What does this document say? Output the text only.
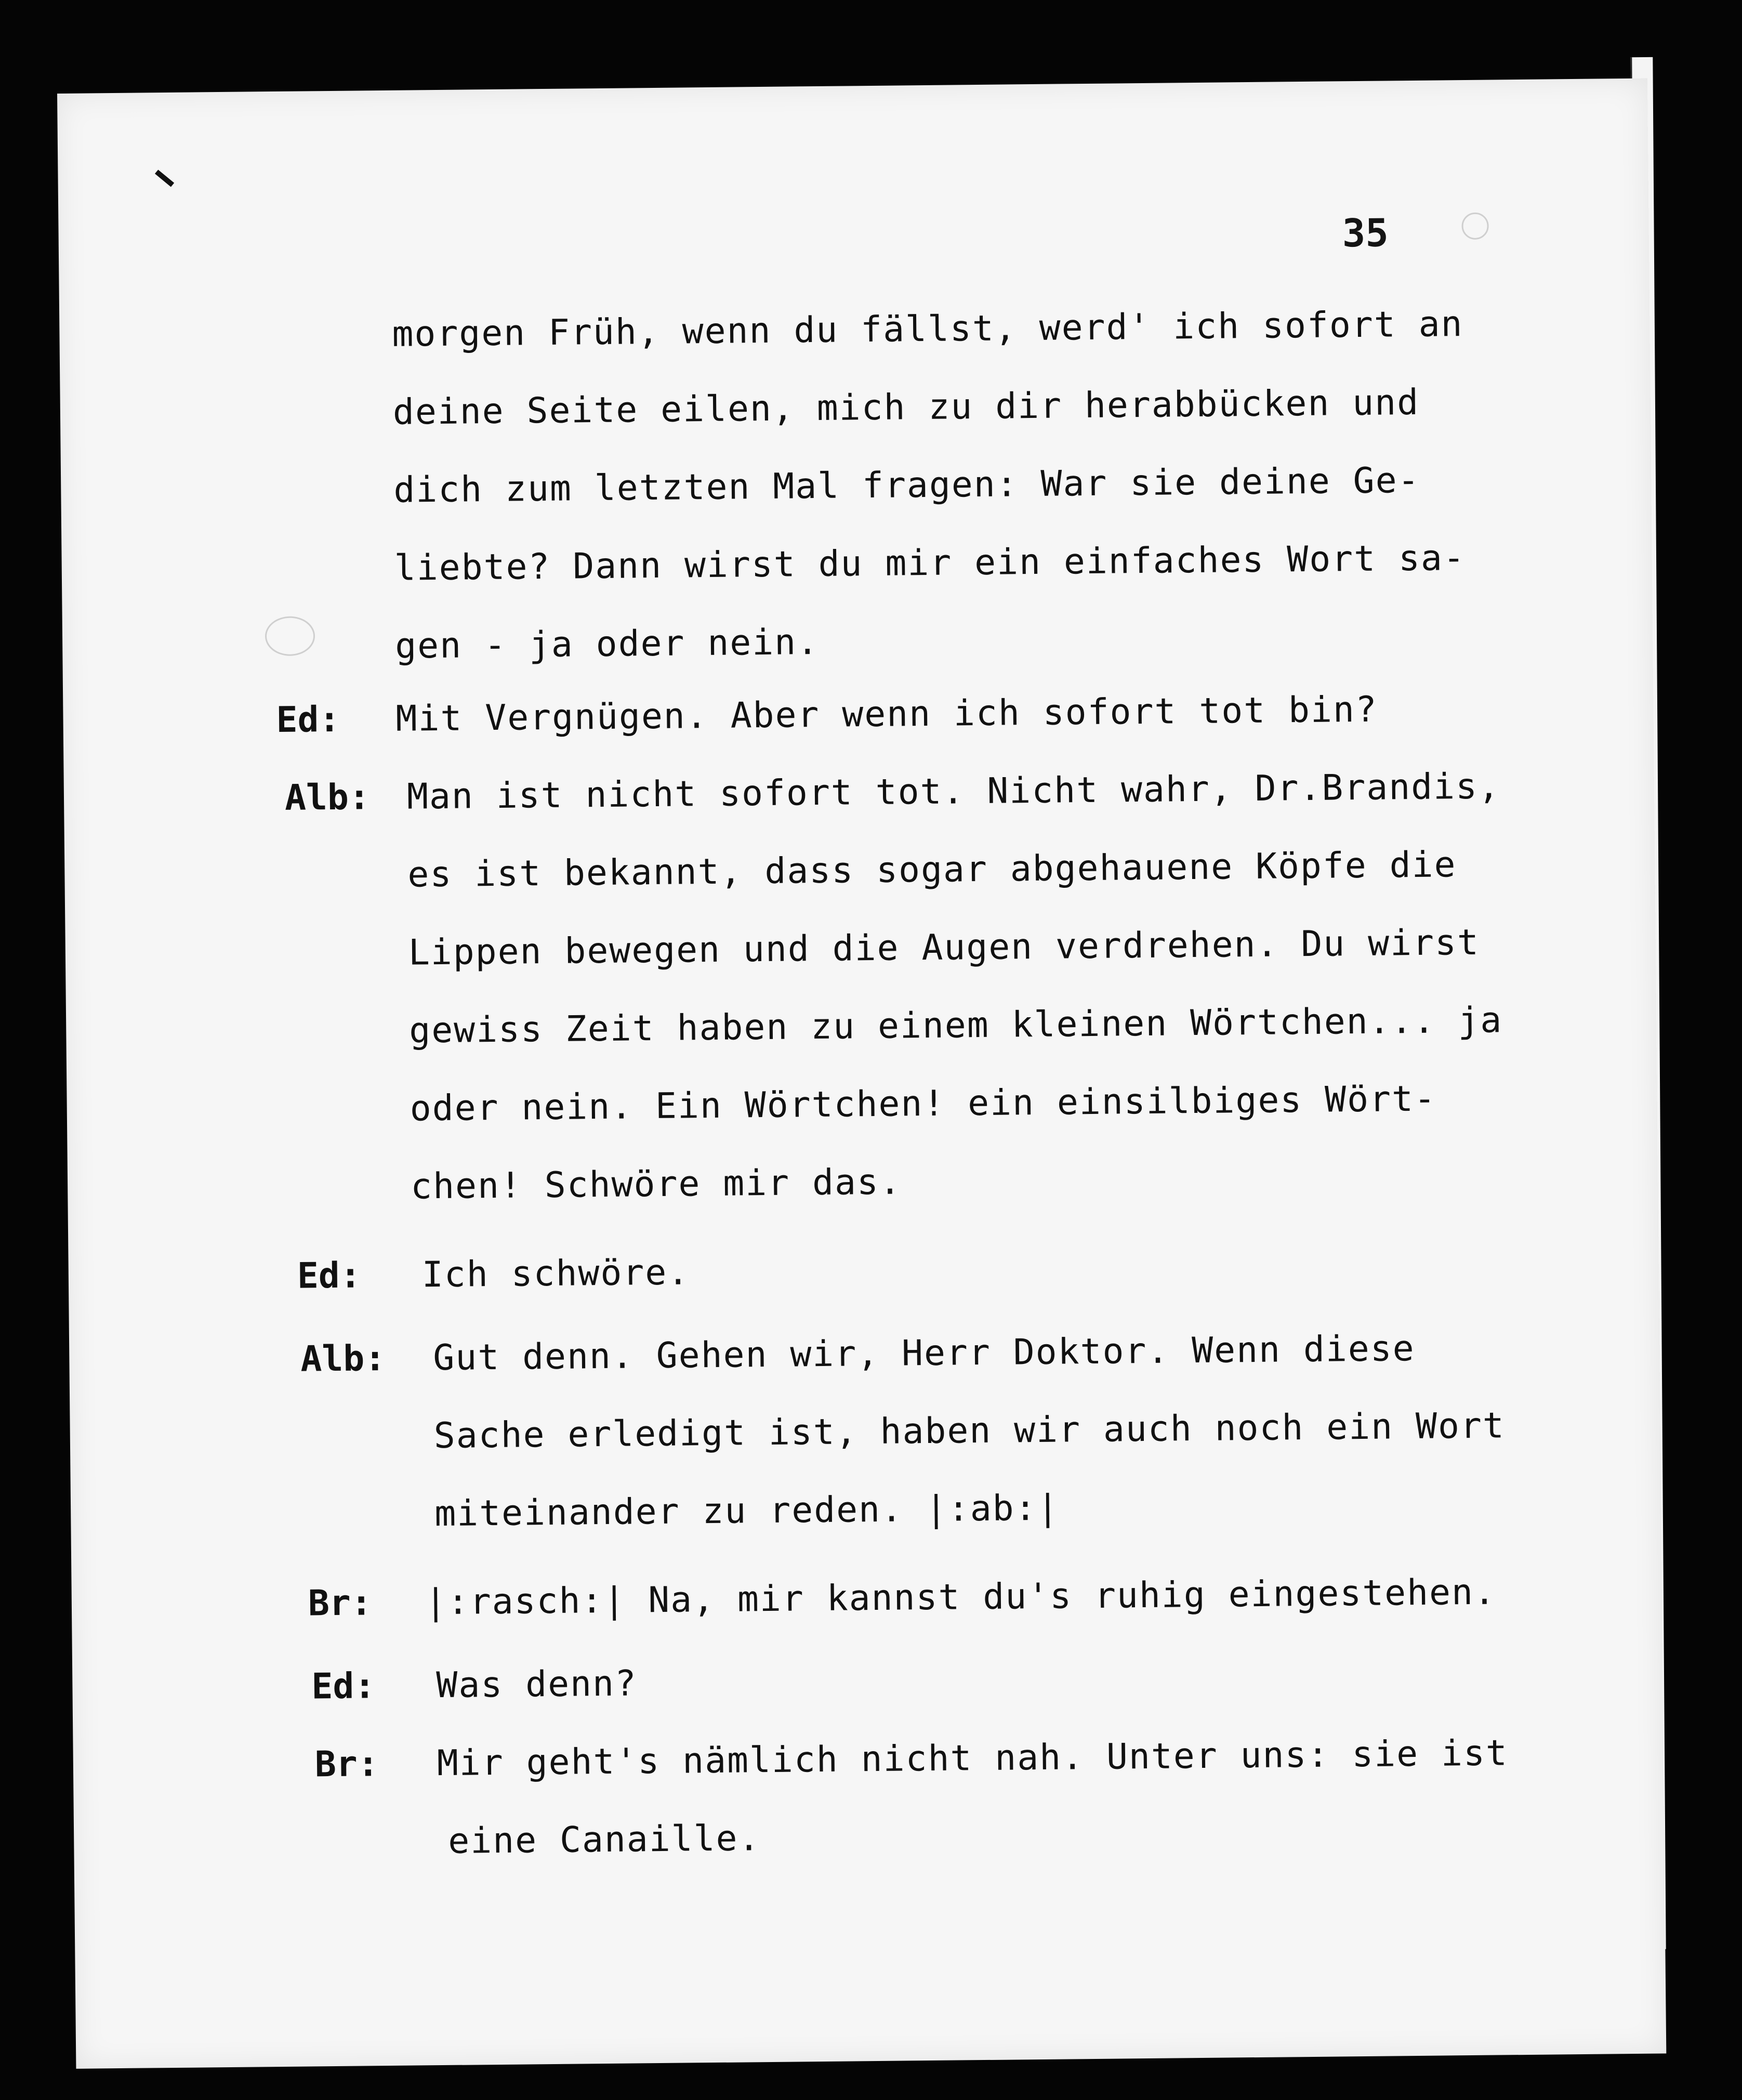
35
morgen Früh, wenn du fällst, werd' ich sofort an
deine Seite eilen, mich zu dir herabbücken und
dich zum letzten Mal fragen: War sie deine Ge-
liebte? Dann wirst du mir ein einfaches Wort sa-
gen - ja oder nein.
Ed: Mit Vergnügen. Aber wenn ich sofort tot bin?
Alb: Man ist nicht sofort tot. Nicht wahr, Dr.Brandis,
es ist bekannt, dass sogar abgehauene Köpfe die
Lippen bewegen und die Augen verdrehen. Du wirst
gewiss Zeit haben zu einem kleinen Wörtchen... ja
oder nein. Ein Wörtchen! ein einsilbiges Wört-
chen! Schwöre mir das.
Ed: Ich schwöre.
Alb: Gut denn. Gehen wir, Herr Doktor. Wenn diese
Sache erledigt ist, haben wir auch noch ein Wort
miteinander zu reden. |:ab:|
Br: |:rasch:| Na, mir kannst du's ruhig eingestehen.
Ed: Was denn?
Br: Mir geht's nämlich nicht nah. Unter uns: sie ist
eine Canaille.
